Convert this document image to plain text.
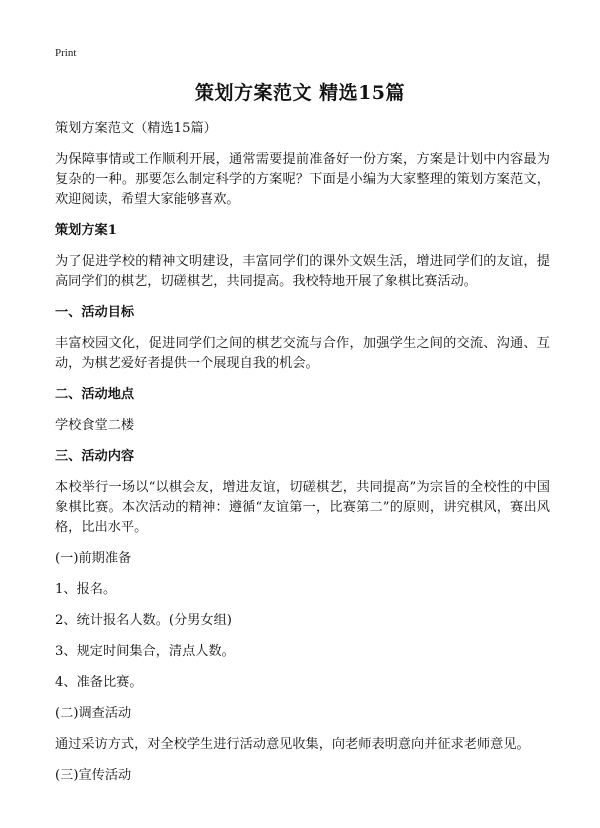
Print
策划方案范文 精选15篇

策划方案范文（精选15篇）

为保障事情或工作顺利开展，通常需要提前准备好一份方案，方案是计划中内容最为复杂的一种。那要怎么制定科学的方案呢？下面是小编为大家整理的策划方案范文，欢迎阅读，希望大家能够喜欢。

策划方案1

为了促进学校的精神文明建设，丰富同学们的课外文娱生活，增进同学们的友谊，提高同学们的棋艺，切磋棋艺，共同提高。我校特地开展了象棋比赛活动。

一、活动目标

丰富校园文化，促进同学们之间的棋艺交流与合作，加强学生之间的交流、沟通、互动，为棋艺爱好者提供一个展现自我的机会。

二、活动地点

学校食堂二楼

三、活动内容

本校举行一场以“以棋会友，增进友谊，切磋棋艺，共同提高”为宗旨的全校性的中国象棋比赛。本次活动的精神：遵循“友谊第一，比赛第二”的原则，讲究棋风，赛出风格，比出水平。

(一)前期准备

1、报名。

2、统计报名人数。(分男女组)

3、规定时间集合，清点人数。

4、准备比赛。

(二)调查活动

通过采访方式，对全校学生进行活动意见收集，向老师表明意向并征求老师意见。

(三)宣传活动
